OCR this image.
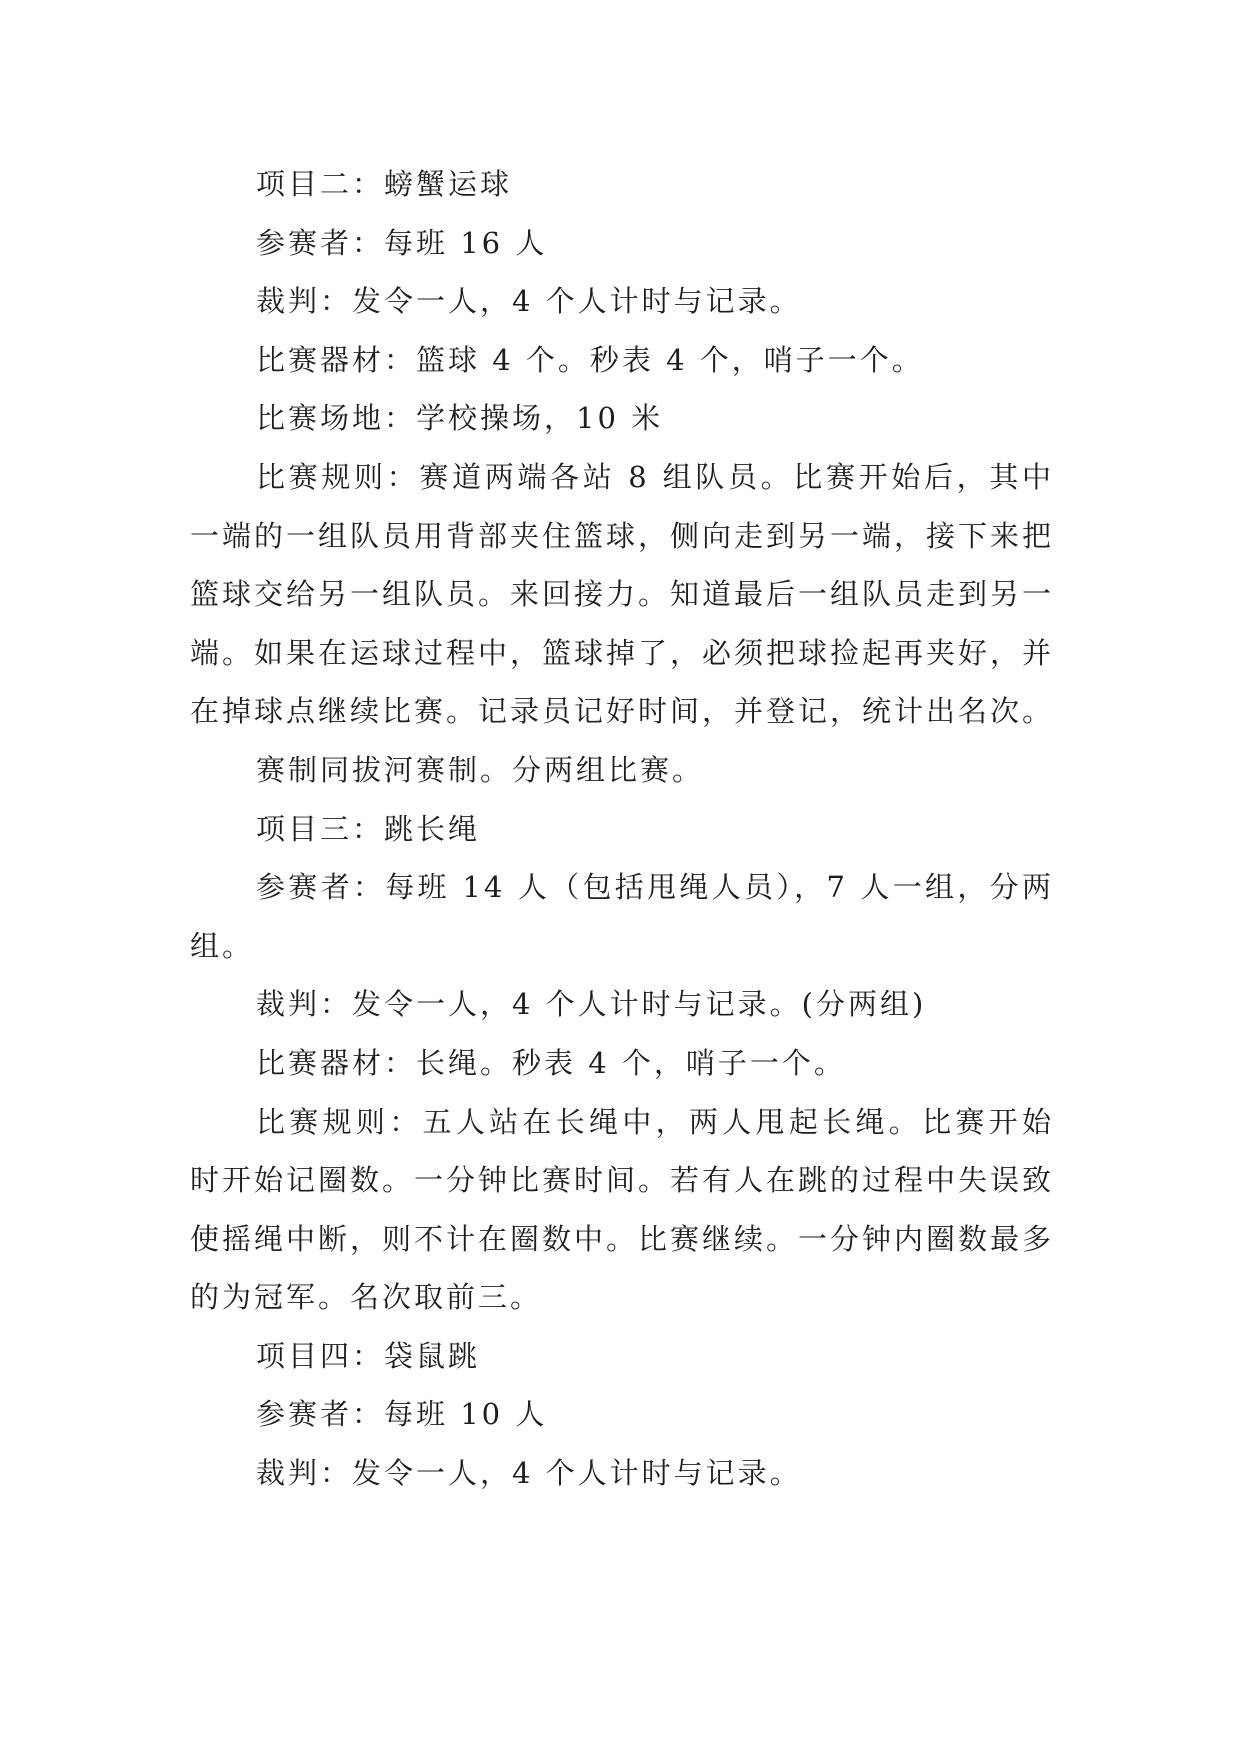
项目二：螃蟹运球

参赛者：每班 16 人

裁判：发令一人，4 个人计时与记录。

比赛器材：篮球 4 个。秒表 4 个，哨子一个。

比赛场地：学校操场，10 米

比赛规则：赛道两端各站 8 组队员。比赛开始后，其中一端的一组队员用背部夹住篮球，侧向走到另一端，接下来把篮球交给另一组队员。来回接力。知道最后一组队员走到另一端。如果在运球过程中，篮球掉了，必须把球捡起再夹好，并在掉球点继续比赛。记录员记好时间，并登记，统计出名次。

赛制同拔河赛制。分两组比赛。

项目三：跳长绳

参赛者：每班 14 人（包括甩绳人员），7 人一组，分两组。

裁判：发令一人，4 个人计时与记录。(分两组)

比赛器材：长绳。秒表 4 个，哨子一个。

比赛规则：五人站在长绳中，两人甩起长绳。比赛开始时开始记圈数。一分钟比赛时间。若有人在跳的过程中失误致使摇绳中断，则不计在圈数中。比赛继续。一分钟内圈数最多的为冠军。名次取前三。

项目四：袋鼠跳

参赛者：每班 10 人

裁判：发令一人，4 个人计时与记录。
